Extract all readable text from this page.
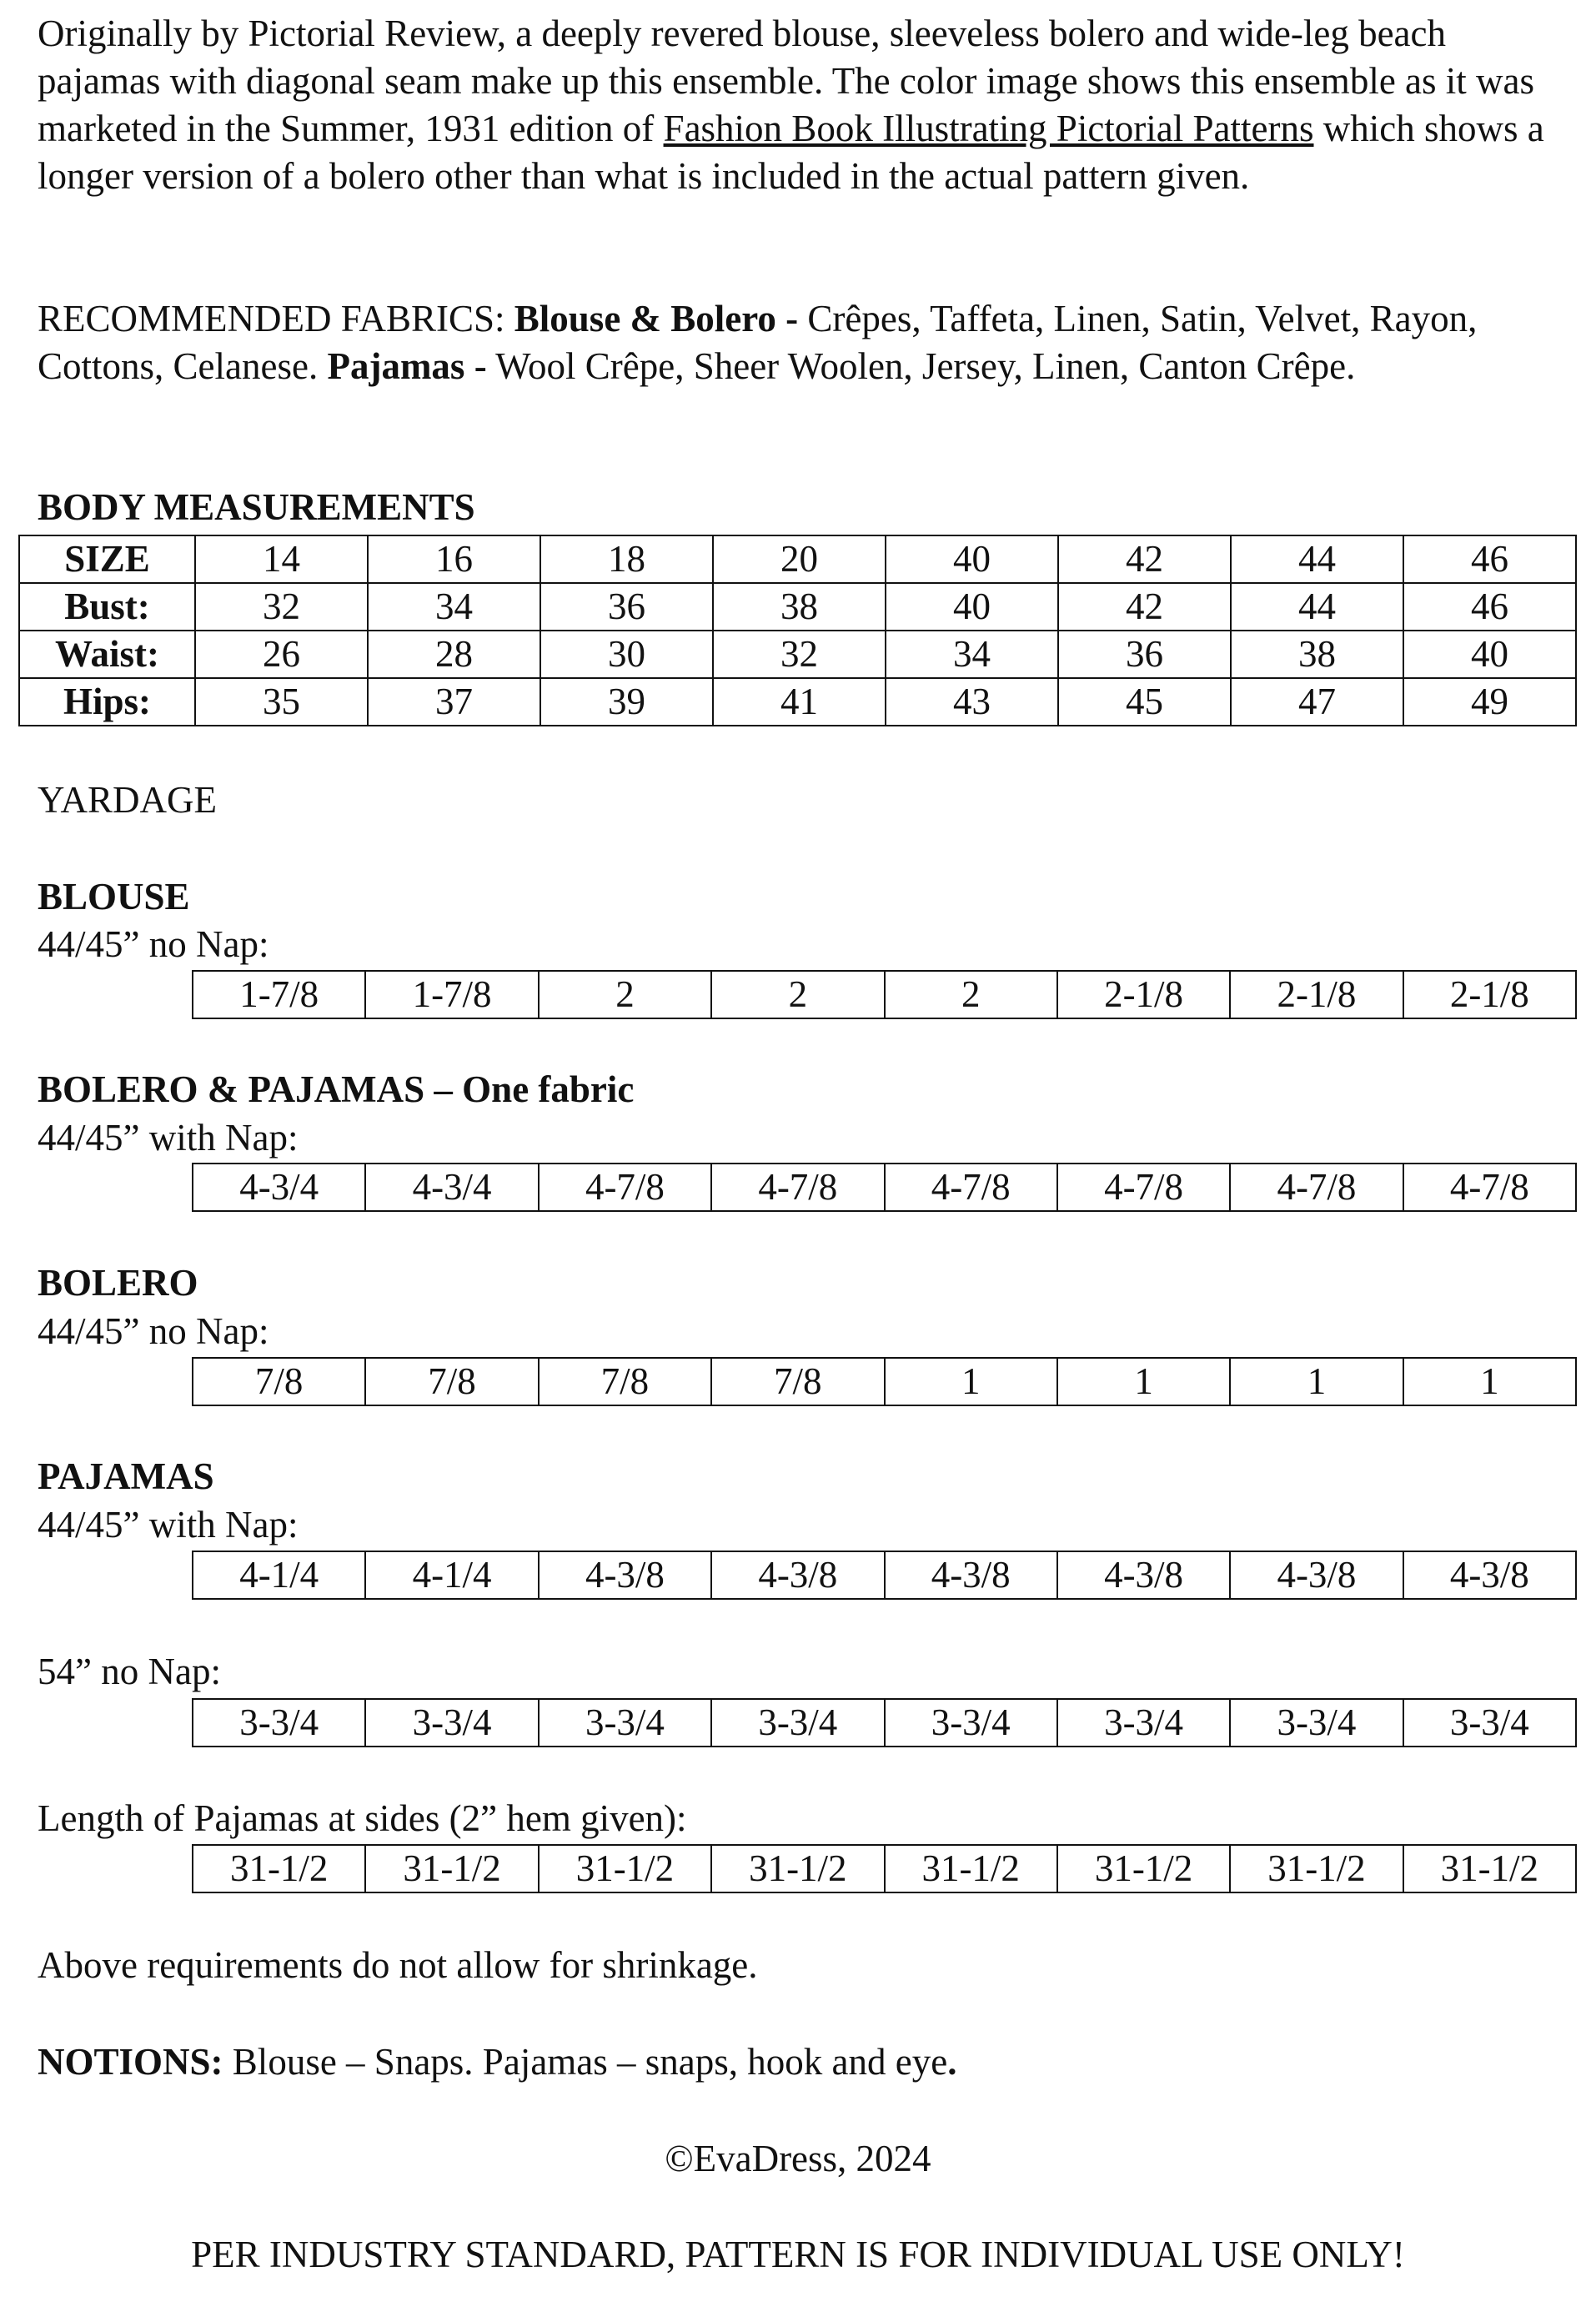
Originally by Pictorial Review, a deeply revered blouse, sleeveless bolero and wide-leg beach pajamas with diagonal seam make up this ensemble. The color image shows this ensemble as it was marketed in the Summer, 1931 edition of Fashion Book Illustrating Pictorial Patterns which shows a longer version of a bolero other than what is included in the actual pattern given.

RECOMMENDED FABRICS: Blouse & Bolero - Crêpes, Taffeta, Linen, Satin, Velvet, Rayon, Cottons, Celanese. Pajamas - Wool Crêpe, Sheer Woolen, Jersey, Linen, Canton Crêpe.

BODY MEASUREMENTS
SIZE	14	16	18	20	40	42	44	46
Bust:	32	34	36	38	40	42	44	46
Waist:	26	28	30	32	34	36	38	40
Hips:	35	37	39	41	43	45	47	49

YARDAGE

BLOUSE

44/45” no Nap:

1-7/8	1-7/8	2	2	2	2-1/8	2-1/8	2-1/8
BOLERO & PAJAMAS – One fabric

44/45” with Nap:

4-3/4	4-3/4	4-7/8	4-7/8	4-7/8	4-7/8	4-7/8	4-7/8
BOLERO

44/45” no Nap:

7/8	7/8	7/8	7/8	1	1	1	1
PAJAMAS

44/45” with Nap:

4-1/4	4-1/4	4-3/8	4-3/8	4-3/8	4-3/8	4-3/8	4-3/8

54” no Nap:

3-3/4	3-3/4	3-3/4	3-3/4	3-3/4	3-3/4	3-3/4	3-3/4

Length of Pajamas at sides (2” hem given):

31-1/2	31-1/2	31-1/2	31-1/2	31-1/2	31-1/2	31-1/2	31-1/2

Above requirements do not allow for shrinkage.

NOTIONS: Blouse – Snaps. Pajamas – snaps, hook and eye.

©EvaDress, 2024

PER INDUSTRY STANDARD, PATTERN IS FOR INDIVIDUAL USE ONLY!
